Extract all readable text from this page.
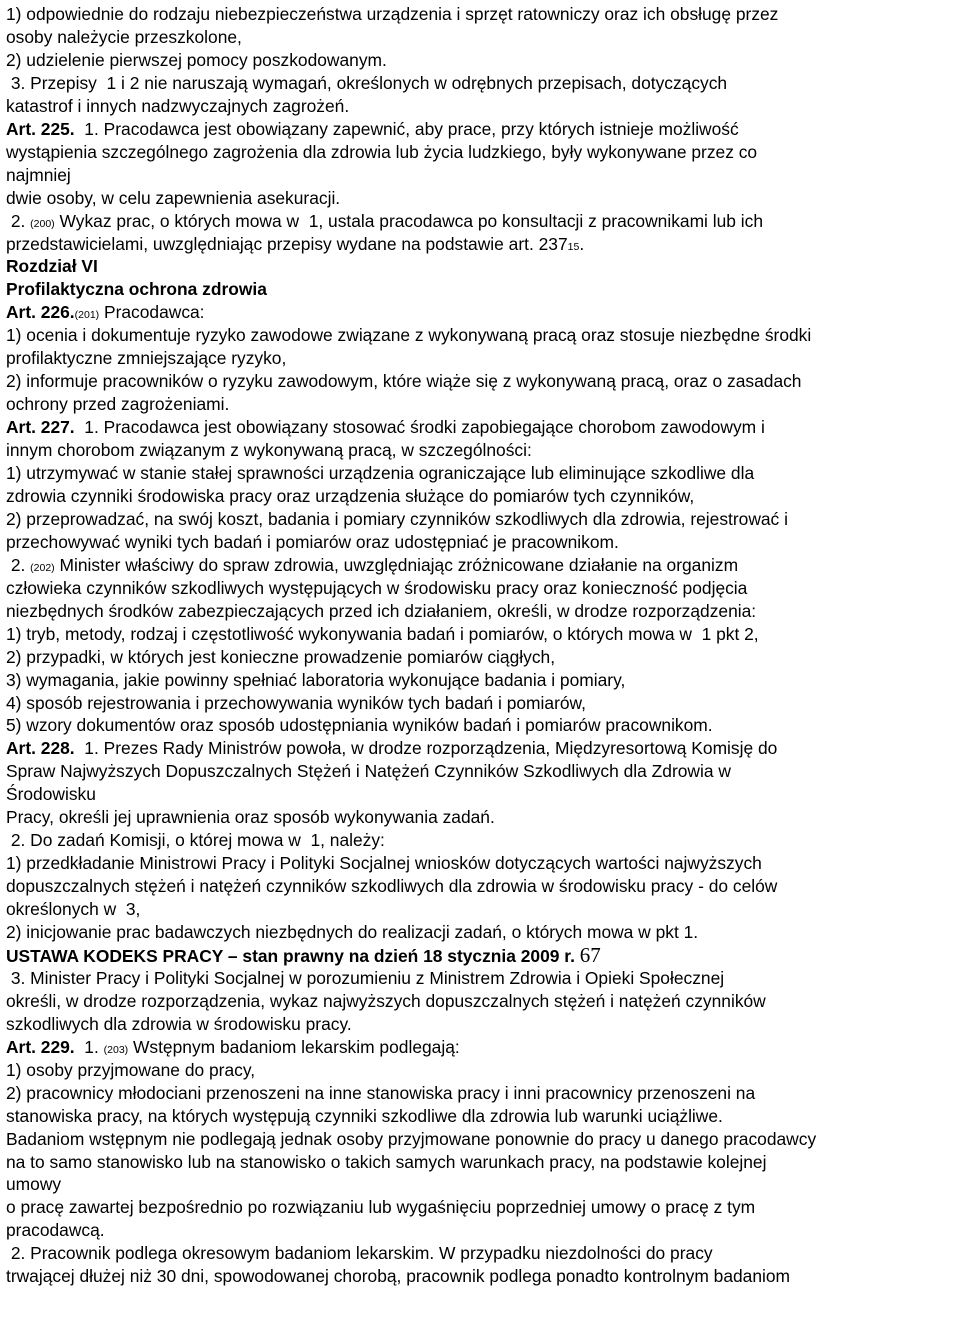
1) odpowiednie do rodzaju niebezpieczeństwa urządzenia i sprzęt ratowniczy oraz ich obsługę przez
osoby należycie przeszkolone,
2) udzielenie pierwszej pomocy poszkodowanym.
3. Przepisy  1 i 2 nie naruszają wymagań, określonych w odrębnych przepisach, dotyczących
katastrof i innych nadzwyczajnych zagrożeń.
Art. 225.  1. Pracodawca jest obowiązany zapewnić, aby prace, przy których istnieje możliwość
wystąpienia szczególnego zagrożenia dla zdrowia lub życia ludzkiego, były wykonywane przez co
najmniej
dwie osoby, w celu zapewnienia asekuracji.
2. (200) Wykaz prac, o których mowa w  1, ustala pracodawca po konsultacji z pracownikami lub ich
przedstawicielami, uwzględniając przepisy wydane na podstawie art. 23715.
Rozdział VI
Profilaktyczna ochrona zdrowia
Art. 226.(201) Pracodawca:
1) ocenia i dokumentuje ryzyko zawodowe związane z wykonywaną pracą oraz stosuje niezbędne środki
profilaktyczne zmniejszające ryzyko,
2) informuje pracowników o ryzyku zawodowym, które wiąże się z wykonywaną pracą, oraz o zasadach
ochrony przed zagrożeniami.
Art. 227.  1. Pracodawca jest obowiązany stosować środki zapobiegające chorobom zawodowym i
innym chorobom związanym z wykonywaną pracą, w szczególności:
1) utrzymywać w stanie stałej sprawności urządzenia ograniczające lub eliminujące szkodliwe dla
zdrowia czynniki środowiska pracy oraz urządzenia służące do pomiarów tych czynników,
2) przeprowadzać, na swój koszt, badania i pomiary czynników szkodliwych dla zdrowia, rejestrować i
przechowywać wyniki tych badań i pomiarów oraz udostępniać je pracownikom.
2. (202) Minister właściwy do spraw zdrowia, uwzględniając zróżnicowane działanie na organizm
człowieka czynników szkodliwych występujących w środowisku pracy oraz konieczność podjęcia
niezbędnych środków zabezpieczających przed ich działaniem, określi, w drodze rozporządzenia:
1) tryb, metody, rodzaj i częstotliwość wykonywania badań i pomiarów, o których mowa w  1 pkt 2,
2) przypadki, w których jest konieczne prowadzenie pomiarów ciągłych,
3) wymagania, jakie powinny spełniać laboratoria wykonujące badania i pomiary,
4) sposób rejestrowania i przechowywania wyników tych badań i pomiarów,
5) wzory dokumentów oraz sposób udostępniania wyników badań i pomiarów pracownikom.
Art. 228.  1. Prezes Rady Ministrów powoła, w drodze rozporządzenia, Międzyresortową Komisję do
Spraw Najwyższych Dopuszczalnych Stężeń i Natężeń Czynników Szkodliwych dla Zdrowia w
Środowisku
Pracy, określi jej uprawnienia oraz sposób wykonywania zadań.
2. Do zadań Komisji, o której mowa w  1, należy:
1) przedkładanie Ministrowi Pracy i Polityki Socjalnej wniosków dotyczących wartości najwyższych
dopuszczalnych stężeń i natężeń czynników szkodliwych dla zdrowia w środowisku pracy - do celów
określonych w  3,
2) inicjowanie prac badawczych niezbędnych do realizacji zadań, o których mowa w pkt 1.
USTAWA KODEKS PRACY – stan prawny na dzień 18 stycznia 2009 r. 67
3. Minister Pracy i Polityki Socjalnej w porozumieniu z Ministrem Zdrowia i Opieki Społecznej
określi, w drodze rozporządzenia, wykaz najwyższych dopuszczalnych stężeń i natężeń czynników
szkodliwych dla zdrowia w środowisku pracy.
Art. 229.  1. (203) Wstępnym badaniom lekarskim podlegają:
1) osoby przyjmowane do pracy,
2) pracownicy młodociani przenoszeni na inne stanowiska pracy i inni pracownicy przenoszeni na
stanowiska pracy, na których występują czynniki szkodliwe dla zdrowia lub warunki uciążliwe.
Badaniom wstępnym nie podlegają jednak osoby przyjmowane ponownie do pracy u danego pracodawcy
na to samo stanowisko lub na stanowisko o takich samych warunkach pracy, na podstawie kolejnej
umowy
o pracę zawartej bezpośrednio po rozwiązaniu lub wygaśnięciu poprzedniej umowy o pracę z tym
pracodawcą.
2. Pracownik podlega okresowym badaniom lekarskim. W przypadku niezdolności do pracy
trwającej dłużej niż 30 dni, spowodowanej chorobą, pracownik podlega ponadto kontrolnym badaniom
